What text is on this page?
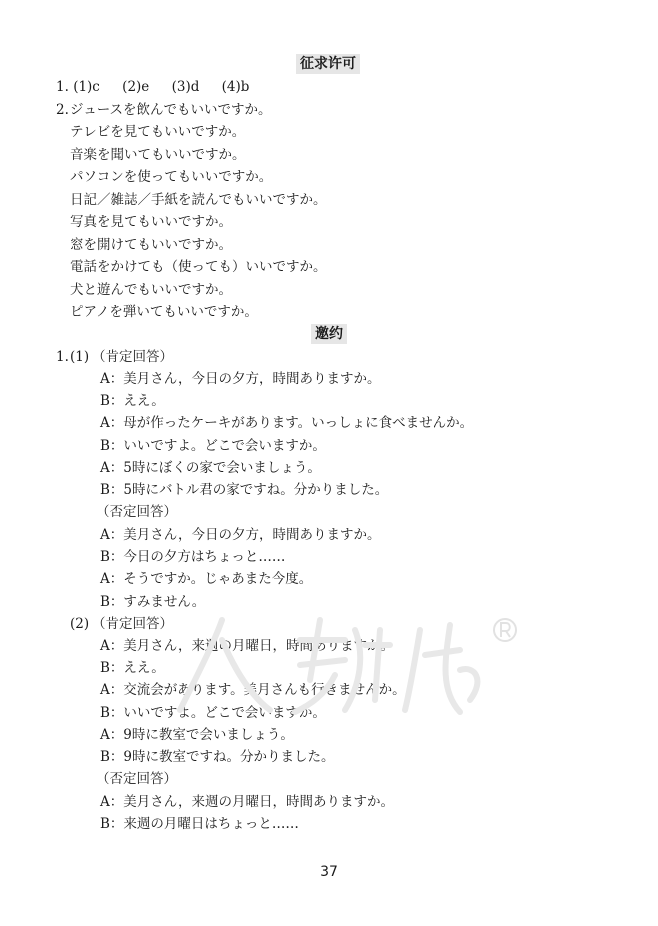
征求许可
1. (1)c (2)e (3)d (4)b
2. ジュースを飲んでもいいですか。
テレビを見てもいいですか。
音楽を聞いてもいいですか。
パソコンを使ってもいいですか。
日記／雑誌／手紙を読んでもいいですか。
写真を見てもいいですか。
窓を開けてもいいですか。
電話をかけても（使っても）いいですか。
犬と遊んでもいいですか。
ピアノを弾いてもいいですか。
邀约
1. (1) （肯定回答）
A：美月さん，今日の夕方，時間ありますか。
B：ええ。
A：母が作ったケーキがあります。いっしょに食べませんか。
B：いいですよ。どこで会いますか。
A：5時にぼくの家で会いましょう。
B：5時にバトル君の家ですね。分かりました。
（否定回答）
A：美月さん，今日の夕方，時間ありますか。
B：今日の夕方はちょっと……
A：そうですか。じゃあまた今度。
B：すみません。
(2) （肯定回答）
A：美月さん，来週の月曜日，時間ありますか。
B：ええ。
A：交流会があります。美月さんも行きませんか。
B：いいですよ。どこで会いますか。
A：9時に教室で会いましょう。
B：9時に教室ですね。分かりました。
（否定回答）
A：美月さん，来週の月曜日，時間ありますか。
B：来週の月曜日はちょっと……
37
